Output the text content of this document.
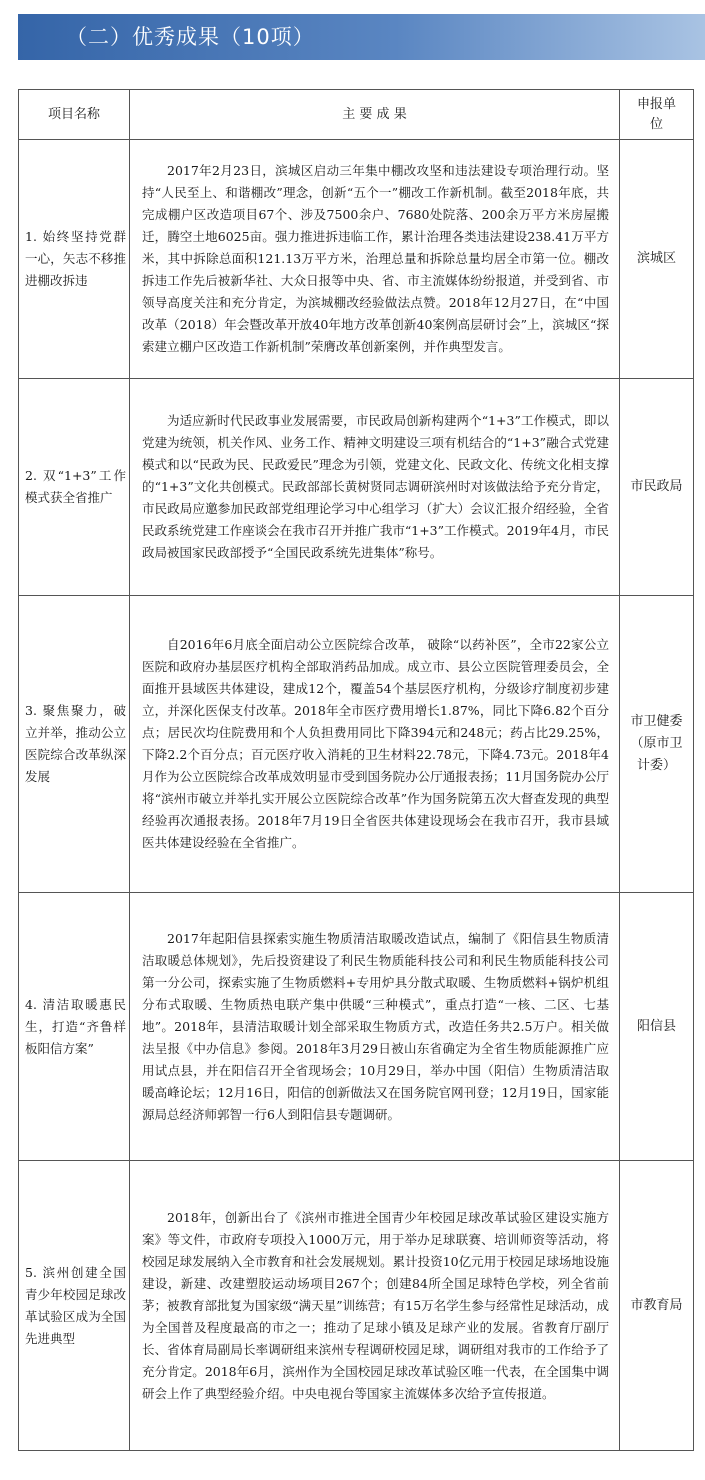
（二）优秀成果（10项）
项目名称	主 要 成 果	申报单位
1. 始终坚持党群一心，矢志不移推进棚改拆违	2017年2月23日，滨城区启动三年集中棚改攻坚和违法建设专项治理行动。坚持“人民至上、和谐棚改”理念，创新“五个一”棚改工作新机制。截至2018年底，共完成棚户区改造项目67个、涉及7500余户、7680处院落、200余万平方米房屋搬迁，腾空土地6025亩。强力推进拆违临工作，累计治理各类违法建设238.41万平方米，其中拆除总面积121.13万平方米，治理总量和拆除总量均居全市第一位。棚改拆违工作先后被新华社、大众日报等中央、省、市主流媒体纷纷报道，并受到省、市领导高度关注和充分肯定，为滨城棚改经验做法点赞。2018年12月27日，在“中国改革（2018）年会暨改革开放40年地方改革创新40案例高层研讨会”上，滨城区“探索建立棚户区改造工作新机制”荣膺改革创新案例，并作典型发言。	滨城区
2. 双“1+3”工作模式获全省推广	为适应新时代民政事业发展需要，市民政局创新构建两个“1+3”工作模式，即以党建为统领，机关作风、业务工作、精神文明建设三项有机结合的“1+3”融合式党建模式和以“民政为民、民政爱民”理念为引领，党建文化、民政文化、传统文化相支撑的“1+3”文化共创模式。民政部部长黄树贤同志调研滨州时对该做法给予充分肯定，市民政局应邀参加民政部党组理论学习中心组学习（扩大）会议汇报介绍经验，全省民政系统党建工作座谈会在我市召开并推广我市“1+3”工作模式。2019年4月，市民政局被国家民政部授予“全国民政系统先进集体”称号。	市民政局
3. 聚焦聚力，破立并举，推动公立医院综合改革纵深发展	自2016年6月底全面启动公立医院综合改革， 破除“以药补医”，全市22家公立医院和政府办基层医疗机构全部取消药品加成。成立市、县公立医院管理委员会，全面推开县域医共体建设，建成12个，覆盖54个基层医疗机构，分级诊疗制度初步建立，并深化医保支付改革。2018年全市医疗费用增长1.87%，同比下降6.82个百分点；居民次均住院费用和个人负担费用同比下降394元和248元；药占比29.25%，下降2.2个百分点；百元医疗收入消耗的卫生材料22.78元，下降4.73元。2018年4月作为公立医院综合改革成效明显市受到国务院办公厅通报表扬；11月国务院办公厅将“滨州市破立并举扎实开展公立医院综合改革”作为国务院第五次大督查发现的典型经验再次通报表扬。2018年7月19日全省医共体建设现场会在我市召开，我市县域医共体建设经验在全省推广。	市卫健委（原市卫计委）
4. 清洁取暖惠民生，打造“齐鲁样板阳信方案”	2017年起阳信县探索实施生物质清洁取暖改造试点，编制了《阳信县生物质清洁取暖总体规划》，先后投资建设了利民生物质能科技公司和利民生物质能科技公司第一分公司，探索实施了生物质燃料+专用炉具分散式取暖、生物质燃料+锅炉机组分布式取暖、生物质热电联产集中供暖“三种模式”，重点打造“一核、二区、七基地”。2018年，县清洁取暖计划全部采取生物质方式，改造任务共2.5万户。相关做法呈报《中办信息》参阅。2018年3月29日被山东省确定为全省生物质能源推广应用试点县，并在阳信召开全省现场会；10月29日，举办中国（阳信）生物质清洁取暖高峰论坛；12月16日，阳信的创新做法又在国务院官网刊登；12月19日，国家能源局总经济师郭智一行6人到阳信县专题调研。	阳信县
5. 滨州创建全国青少年校园足球改革试验区成为全国先进典型	2018年，创新出台了《滨州市推进全国青少年校园足球改革试验区建设实施方案》等文件，市政府专项投入1000万元，用于举办足球联赛、培训师资等活动，将校园足球发展纳入全市教育和社会发展规划。累计投资10亿元用于校园足球场地设施建设，新建、改建塑胶运动场项目267个；创建84所全国足球特色学校，列全省前茅；被教育部批复为国家级“满天星”训练营；有15万名学生参与经常性足球活动，成为全国普及程度最高的市之一；推动了足球小镇及足球产业的发展。省教育厅副厅长、省体育局副局长率调研组来滨州专程调研校园足球，调研组对我市的工作给予了充分肯定。2018年6月，滨州作为全国校园足球改革试验区唯一代表，在全国集中调研会上作了典型经验介绍。中央电视台等国家主流媒体多次给予宣传报道。	市教育局
